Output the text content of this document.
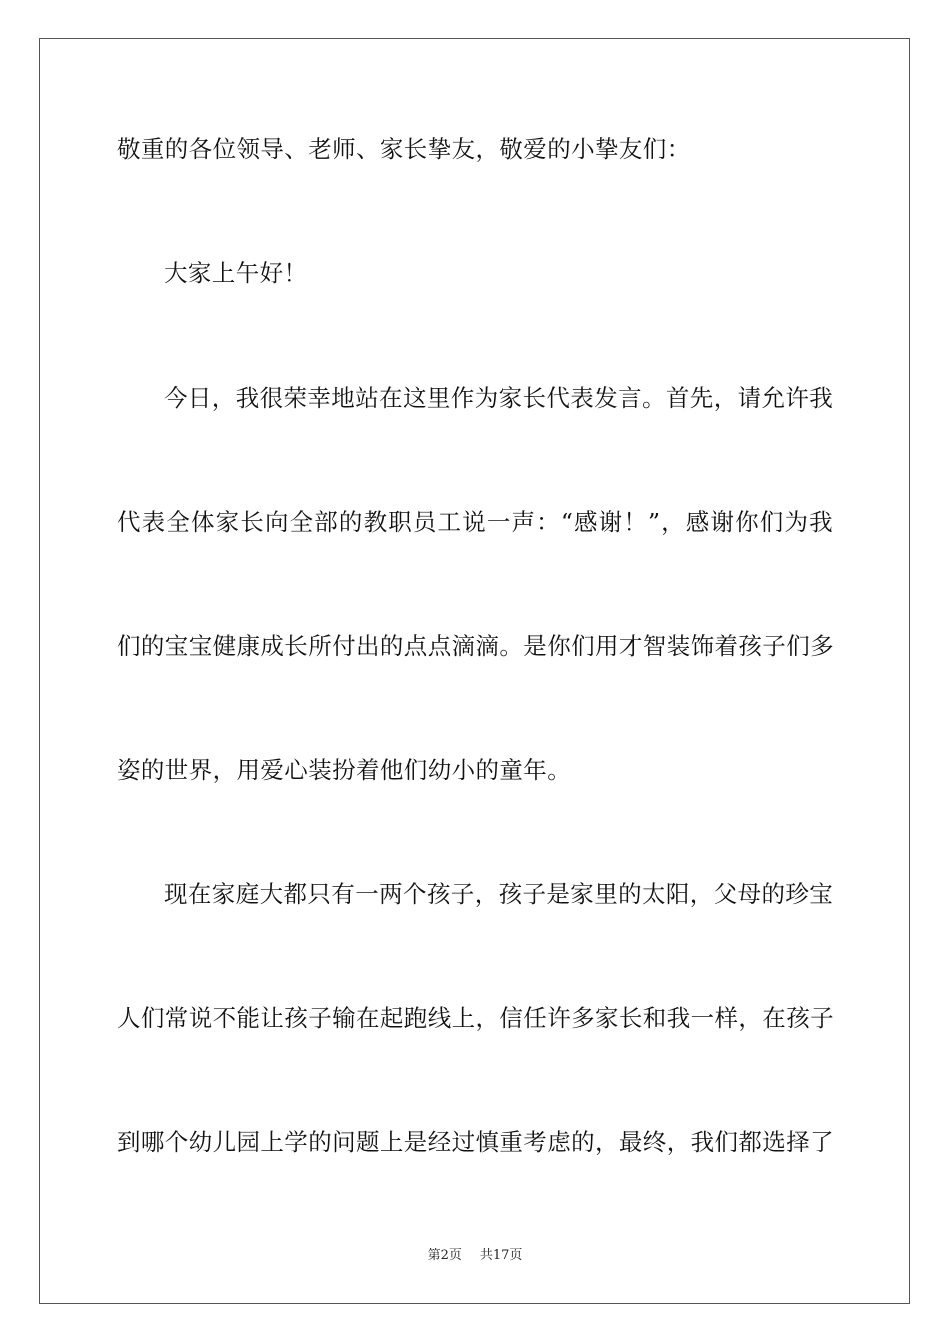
敬重的各位领导、老师、家长挚友，敬爱的小挚友们：
大家上午好！
今日，我很荣幸地站在这里作为家长代表发言。首先，请允许我
代表全体家长向全部的教职员工说一声：“感谢！”，感谢你们为我
们的宝宝健康成长所付出的点点滴滴。是你们用才智装饰着孩子们多
姿的世界，用爱心装扮着他们幼小的童年。
现在家庭大都只有一两个孩子，孩子是家里的太阳，父母的珍宝
人们常说不能让孩子输在起跑线上，信任许多家长和我一样，在孩子
到哪个幼儿园上学的问题上是经过慎重考虑的，最终，我们都选择了
第2页 共17页
